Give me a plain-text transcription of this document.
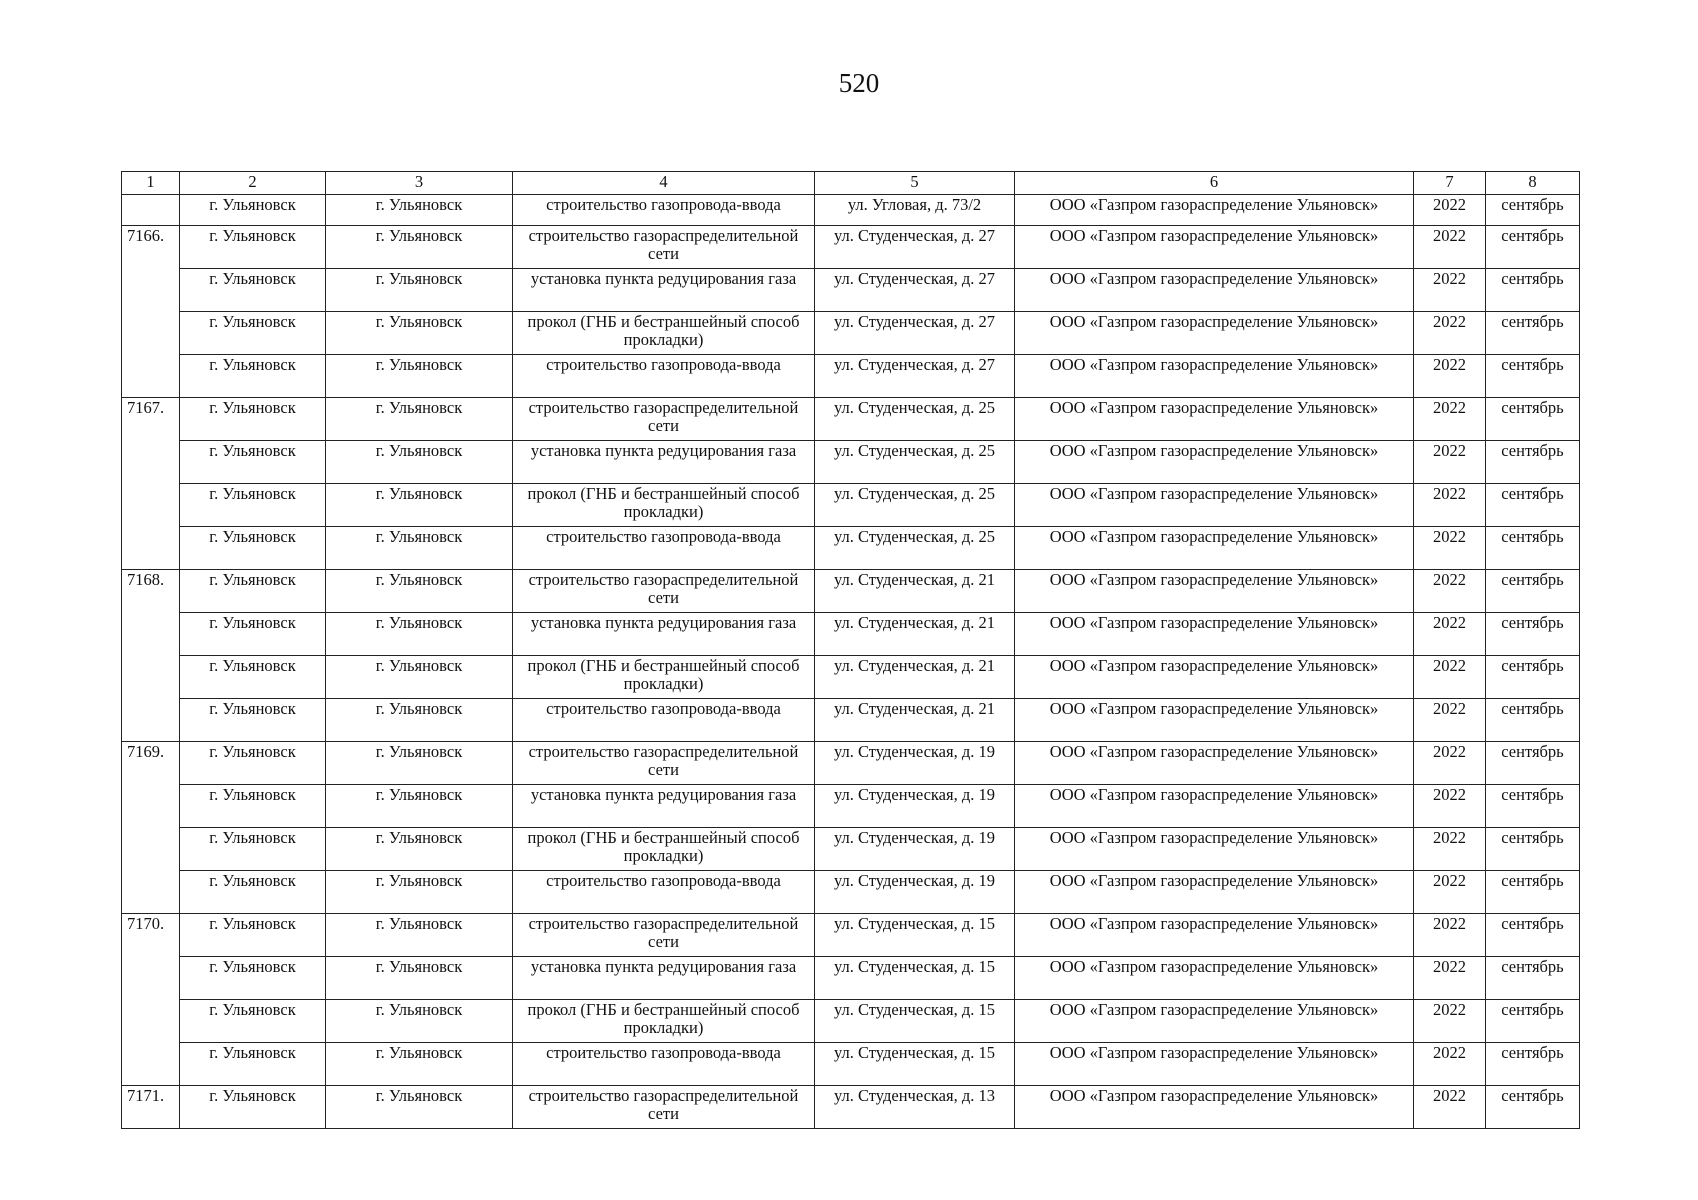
520
1	2	3	4	5	6	7	8
	г. Ульяновск	г. Ульяновск	строительство газопровода-ввода	ул. Угловая, д. 73/2	ООО «Газпром газораспределение Ульяновск»	2022	сентябрь
7166.	г. Ульяновск	г. Ульяновск	строительство газораспределительной сети	ул. Студенческая, д. 27	ООО «Газпром газораспределение Ульяновск»	2022	сентябрь
	г. Ульяновск	г. Ульяновск	установка пункта редуцирования газа	ул. Студенческая, д. 27	ООО «Газпром газораспределение Ульяновск»	2022	сентябрь
	г. Ульяновск	г. Ульяновск	прокол (ГНБ и бестраншейный способ прокладки)	ул. Студенческая, д. 27	ООО «Газпром газораспределение Ульяновск»	2022	сентябрь
	г. Ульяновск	г. Ульяновск	строительство газопровода-ввода	ул. Студенческая, д. 27	ООО «Газпром газораспределение Ульяновск»	2022	сентябрь
7167.	г. Ульяновск	г. Ульяновск	строительство газораспределительной сети	ул. Студенческая, д. 25	ООО «Газпром газораспределение Ульяновск»	2022	сентябрь
	г. Ульяновск	г. Ульяновск	установка пункта редуцирования газа	ул. Студенческая, д. 25	ООО «Газпром газораспределение Ульяновск»	2022	сентябрь
	г. Ульяновск	г. Ульяновск	прокол (ГНБ и бестраншейный способ прокладки)	ул. Студенческая, д. 25	ООО «Газпром газораспределение Ульяновск»	2022	сентябрь
	г. Ульяновск	г. Ульяновск	строительство газопровода-ввода	ул. Студенческая, д. 25	ООО «Газпром газораспределение Ульяновск»	2022	сентябрь
7168.	г. Ульяновск	г. Ульяновск	строительство газораспределительной сети	ул. Студенческая, д. 21	ООО «Газпром газораспределение Ульяновск»	2022	сентябрь
	г. Ульяновск	г. Ульяновск	установка пункта редуцирования газа	ул. Студенческая, д. 21	ООО «Газпром газораспределение Ульяновск»	2022	сентябрь
	г. Ульяновск	г. Ульяновск	прокол (ГНБ и бестраншейный способ прокладки)	ул. Студенческая, д. 21	ООО «Газпром газораспределение Ульяновск»	2022	сентябрь
	г. Ульяновск	г. Ульяновск	строительство газопровода-ввода	ул. Студенческая, д. 21	ООО «Газпром газораспределение Ульяновск»	2022	сентябрь
7169.	г. Ульяновск	г. Ульяновск	строительство газораспределительной сети	ул. Студенческая, д. 19	ООО «Газпром газораспределение Ульяновск»	2022	сентябрь
	г. Ульяновск	г. Ульяновск	установка пункта редуцирования газа	ул. Студенческая, д. 19	ООО «Газпром газораспределение Ульяновск»	2022	сентябрь
	г. Ульяновск	г. Ульяновск	прокол (ГНБ и бестраншейный способ прокладки)	ул. Студенческая, д. 19	ООО «Газпром газораспределение Ульяновск»	2022	сентябрь
	г. Ульяновск	г. Ульяновск	строительство газопровода-ввода	ул. Студенческая, д. 19	ООО «Газпром газораспределение Ульяновск»	2022	сентябрь
7170.	г. Ульяновск	г. Ульяновск	строительство газораспределительной сети	ул. Студенческая, д. 15	ООО «Газпром газораспределение Ульяновск»	2022	сентябрь
	г. Ульяновск	г. Ульяновск	установка пункта редуцирования газа	ул. Студенческая, д. 15	ООО «Газпром газораспределение Ульяновск»	2022	сентябрь
	г. Ульяновск	г. Ульяновск	прокол (ГНБ и бестраншейный способ прокладки)	ул. Студенческая, д. 15	ООО «Газпром газораспределение Ульяновск»	2022	сентябрь
	г. Ульяновск	г. Ульяновск	строительство газопровода-ввода	ул. Студенческая, д. 15	ООО «Газпром газораспределение Ульяновск»	2022	сентябрь
7171.	г. Ульяновск	г. Ульяновск	строительство газораспределительной сети	ул. Студенческая, д. 13	ООО «Газпром газораспределение Ульяновск»	2022	сентябрь
